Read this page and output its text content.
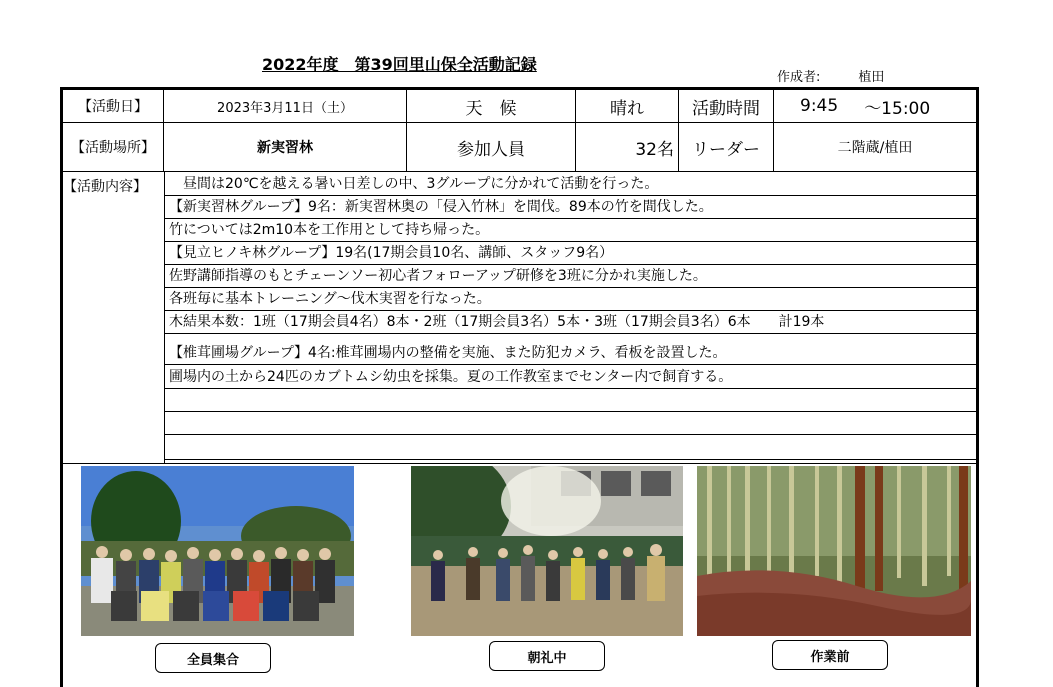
2022年度　第39回里山保全活動記録
作成者:	植田
【活動日】	2023年3月11日（土）	天　候	晴れ	活動時間	9:45 ～15:00
【活動場所】	新実習林	参加人員	32名	リーダー	二階蔵/植田
【活動内容】 　昼間は20℃を越える暑い日差しの中、3グループに分かれて活動を行った。
【新実習林グループ】9名：新実習林奥の「侵入竹林」を間伐。89本の竹を間伐した。
竹については2m10本を工作用として持ち帰った。
【見立ヒノキ林グループ】19名(17期会員10名、講師、スタッフ9名）
佐野講師指導のもとチェーンソー初心者フォローアップ研修を3班に分かれ実施した。
各班毎に基本トレーニング～伐木実習を行なった。
木結果本数：1班（17期会員4名）8本・2班（17期会員3名）5本・3班（17期会員3名）6本　　計19本
【椎茸圃場グループ】4名:椎茸圃場内の整備を実施、また防犯カメラ、看板を設置した。
圃場内の土から24匹のカブトムシ幼虫を採集。夏の工作教室までセンター内で飼育する。
全員集合	朝礼中	作業前
